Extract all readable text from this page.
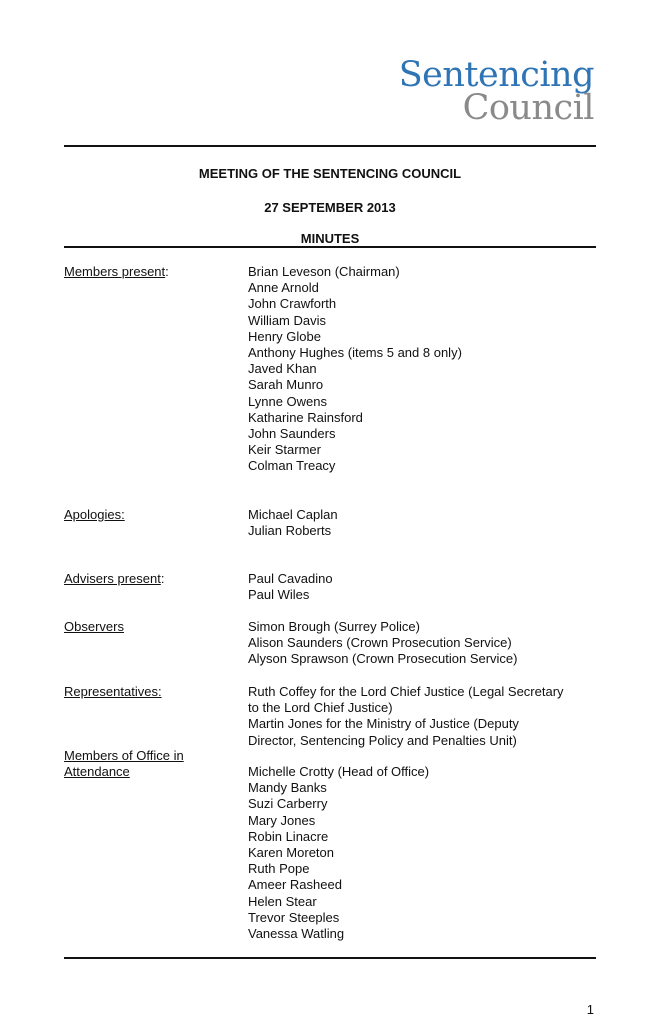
Sentencing
Council
MEETING OF THE SENTENCING COUNCIL
27 SEPTEMBER 2013
MINUTES
Members present:	Brian Leveson (Chairman)
Anne Arnold
John Crawforth
William Davis
Henry Globe
Anthony Hughes (items 5 and 8 only)
Javed Khan
Sarah Munro
Lynne Owens
Katharine Rainsford
John Saunders
Keir Starmer
Colman Treacy
Apologies:	Michael Caplan
Julian Roberts
Advisers present:	Paul Cavadino
Paul Wiles
Observers	Simon Brough (Surrey Police)
Alison Saunders (Crown Prosecution Service)
Alyson Sprawson (Crown Prosecution Service)
Representatives:	Ruth Coffey for the Lord Chief Justice (Legal Secretary
to the Lord Chief Justice)
Martin Jones for the Ministry of Justice (Deputy
Director, Sentencing Policy and Penalties Unit)
Members of Office in
Attendance	Michelle Crotty (Head of Office)
Mandy Banks
Suzi Carberry
Mary Jones
Robin Linacre
Karen Moreton
Ruth Pope
Ameer Rasheed
Helen Stear
Trevor Steeples
Vanessa Watling
1
